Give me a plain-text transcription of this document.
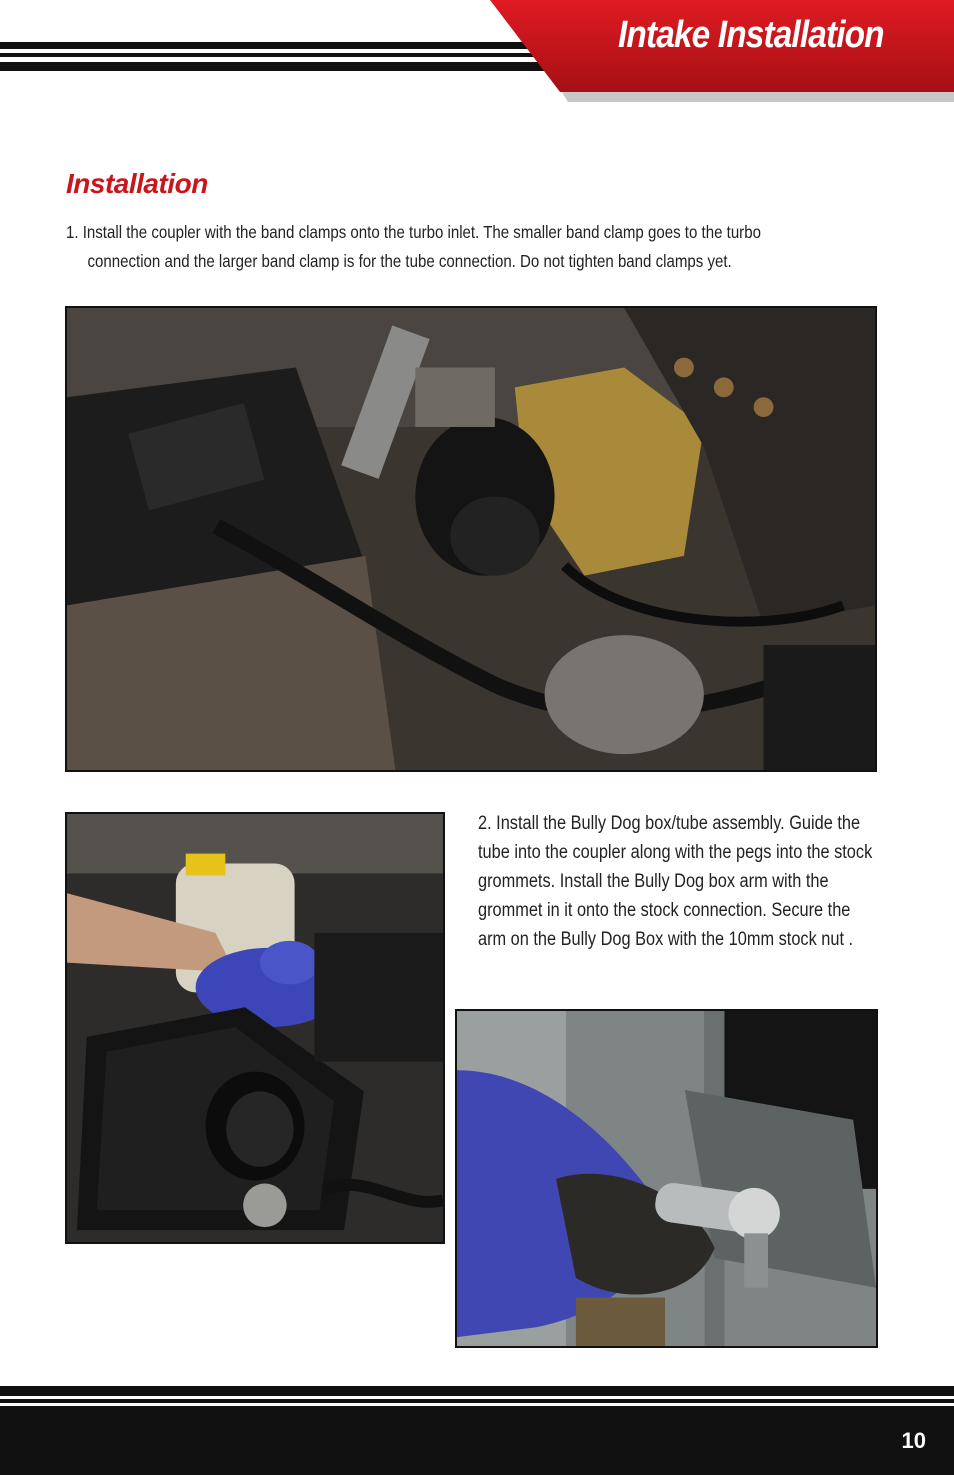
Intake Installation
Installation
1. Install the coupler with the band clamps onto the turbo inlet. The smaller band clamp goes to the turbo
connection and the larger band clamp is for the tube connection. Do not tighten band clamps yet.
2. Install the Bully Dog box/tube assembly. Guide the tube into the coupler along with the pegs into the stock grommets. Install the Bully Dog box arm with the grommet in it onto the stock connection. Secure the arm on the Bully Dog Box with the 10mm stock nut .
10
